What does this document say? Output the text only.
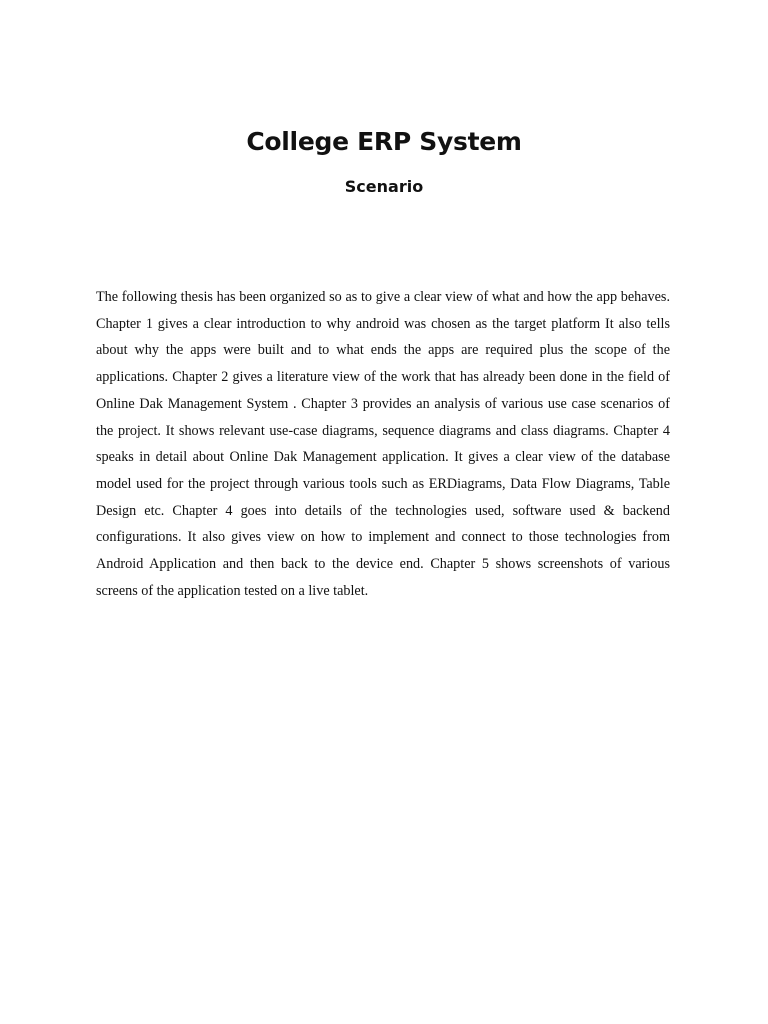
College ERP System
Scenario

The following thesis has been organized so as to give a clear view of what and how the app behaves. Chapter 1 gives a clear introduction to why android was chosen as the target platform It also tells about why the apps were built and to what ends the apps are required plus the scope of the applications. Chapter 2 gives a literature view of the work that has already been done in the field of Online Dak Management System . Chapter 3 provides an analysis of various use case scenarios of the project. It shows relevant use-case diagrams, sequence diagrams and class diagrams. Chapter 4 speaks in detail about Online Dak Management application. It gives a clear view of the database model used for the project through various tools such as ERDiagrams, Data Flow Diagrams, Table Design etc. Chapter 4 goes into details of the technologies used, software used & backend configurations. It also gives view on how to implement and connect to those technologies from Android Application and then back to the device end. Chapter 5 shows screenshots of various screens of the application tested on a live tablet.
